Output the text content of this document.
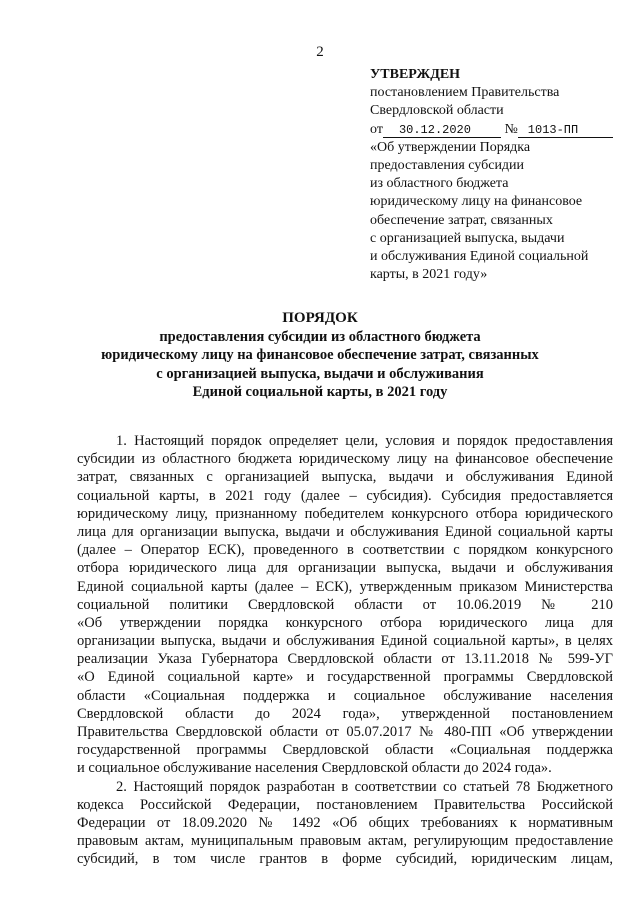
2
УТВЕРЖДЕН
постановлением Правительства
Свердловской области
от 30.12.2020 № 1013-ПП
«Об утверждении Порядка
предоставления субсидии
из областного бюджета
юридическому лицу на финансовое
обеспечение затрат, связанных
с организацией выпуска, выдачи
и обслуживания Единой социальной
карты, в 2021 году»
ПОРЯДОК
предоставления субсидии из областного бюджета
юридическому лицу на финансовое обеспечение затрат, связанных
с организацией выпуска, выдачи и обслуживания
Единой социальной карты, в 2021 году
1. Настоящий порядок определяет цели, условия и порядок предоставления
субсидии из областного бюджета юридическому лицу на финансовое обеспечение
затрат, связанных с организацией выпуска, выдачи и обслуживания Единой
социальной карты, в 2021 году (далее – субсидия). Субсидия предоставляется
юридическому лицу, признанному победителем конкурсного отбора юридического
лица для организации выпуска, выдачи и обслуживания Единой социальной карты
(далее – Оператор ЕСК), проведенного в соответствии с порядком конкурсного
отбора юридического лица для организации выпуска, выдачи и обслуживания
Единой социальной карты (далее – ЕСК), утвержденным приказом Министерства
социальной политики Свердловской области от 10.06.2019 № 210
«Об утверждении порядка конкурсного отбора юридического лица для
организации выпуска, выдачи и обслуживания Единой социальной карты», в целях
реализации Указа Губернатора Свердловской области от 13.11.2018 № 599-УГ
«О Единой социальной карте» и государственной программы Свердловской
области «Социальная поддержка и социальное обслуживание населения
Свердловской области до 2024 года», утвержденной постановлением
Правительства Свердловской области от 05.07.2017 № 480-ПП «Об утверждении
государственной программы Свердловской области «Социальная поддержка
и социальное обслуживание населения Свердловской области до 2024 года».
2. Настоящий порядок разработан в соответствии со статьей 78 Бюджетного
кодекса Российской Федерации, постановлением Правительства Российской
Федерации от 18.09.2020 № 1492 «Об общих требованиях к нормативным
правовым актам, муниципальным правовым актам, регулирующим предоставление
субсидий, в том числе грантов в форме субсидий, юридическим лицам,
